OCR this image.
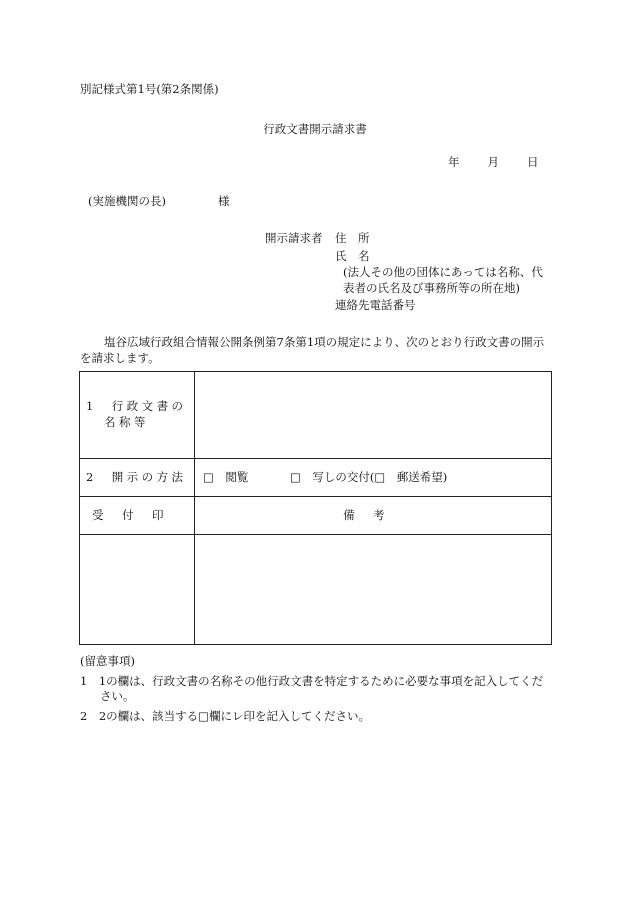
別記様式第1号(第2条関係)
行政文書開示請求書
年 月 日
(実施機関の長)	様
開示請求者 住　所
氏　名
(法人その他の団体にあっては名称、代
表者の氏名及び事務所等の所在地)
連絡先電話番号

塩谷広域行政組合情報公開条例第7条第1項の規定により、次のとおり行政文書の開示

を請求します。

1　行政文書の
名称等	

2　開示の方法	□　閲覧 □　写しの交付(□　郵送希望)
受付印	備考

(留意事項)
1　1の欄は、行政文書の名称その他行政文書を特定するために必要な事項を記入してください。
2　2の欄は、該当する□欄にレ印を記入してください。
